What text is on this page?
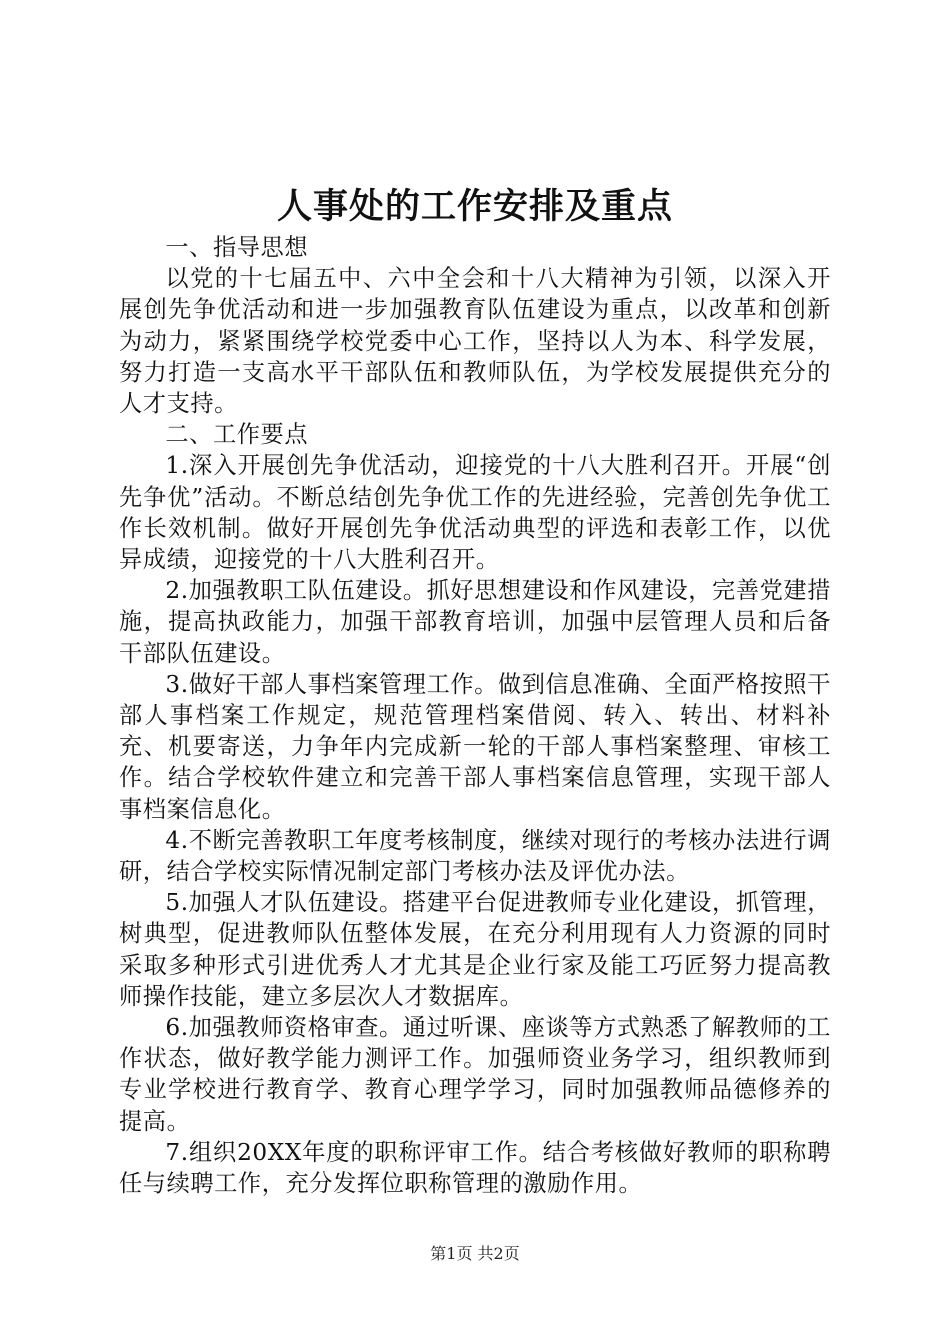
人事处的工作安排及重点

一、指导思想

以党的十七届五中、六中全会和十八大精神为引领，以深入开展创先争优活动和进一步加强教育队伍建设为重点，以改革和创新为动力，紧紧围绕学校党委中心工作，坚持以人为本、科学发展，努力打造一支高水平干部队伍和教师队伍，为学校发展提供充分的人才支持。

二、工作要点

1.深入开展创先争优活动，迎接党的十八大胜利召开。开展“创先争优”活动。不断总结创先争优工作的先进经验，完善创先争优工作长效机制。做好开展创先争优活动典型的评选和表彰工作，以优异成绩，迎接党的十八大胜利召开。

2.加强教职工队伍建设。抓好思想建设和作风建设，完善党建措施，提高执政能力，加强干部教育培训，加强中层管理人员和后备干部队伍建设。

3.做好干部人事档案管理工作。做到信息准确、全面严格按照干部人事档案工作规定，规范管理档案借阅、转入、转出、材料补充、机要寄送，力争年内完成新一轮的干部人事档案整理、审核工作。结合学校软件建立和完善干部人事档案信息管理，实现干部人事档案信息化。

4.不断完善教职工年度考核制度，继续对现行的考核办法进行调研，结合学校实际情况制定部门考核办法及评优办法。

5.加强人才队伍建设。搭建平台促进教师专业化建设，抓管理，树典型，促进教师队伍整体发展，在充分利用现有人力资源的同时采取多种形式引进优秀人才尤其是企业行家及能工巧匠努力提高教师操作技能，建立多层次人才数据库。

6.加强教师资格审查。通过听课、座谈等方式熟悉了解教师的工作状态，做好教学能力测评工作。加强师资业务学习，组织教师到专业学校进行教育学、教育心理学学习，同时加强教师品德修养的提高。

7.组织20XX年度的职称评审工作。结合考核做好教师的职称聘任与续聘工作，充分发挥位职称管理的激励作用。

第1页 共2页
